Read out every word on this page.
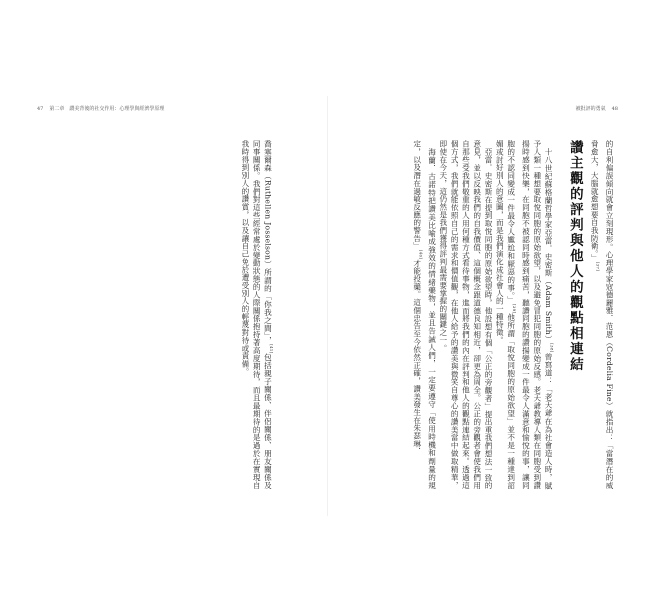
47 第二章　讚美背後的社交作用：心理學與經濟學原理	被批評的勇氣 48

的自利偏誤傾向就會立刻現形。心理學家寇德麗雅．范恩（Cordelia Fine）就指出：「當潛在的威脅愈大，大腦就愈想要自我防衛。」[37]

讚主觀的評判與他人的觀點相連結

十八世紀蘇格蘭哲學家亞當．史密斯（Adam Smith）[38]曾寫道：「老天爺在為社會造人時，賦予人類一種想要取悅同胞的原始欲望，以及避免冒犯同胞的原始反感。老天爺教導人類在同胞受到讚揚時感到快樂，在同胞不被認同時感到痛苦，聽讚同胞的讚揚變成一件最令人滿意和愉悅的事，讓同胞的不認同變成一件最令人尷尬和厭惡的事。」[39]他所謂「取悅同胞的原始欲望」並不是一種達到詔媚或討好別人的意圖，而是我們演化成社會人的一種特徵。

亞當．史密斯在提到取悅同胞的原始欲望時，他設想有個「公正的旁觀者」提出重我們想法一致的意見，並以反映我們的自我價值、這個概念跟道德良知相近，卻更為周全。公正的旁觀者會使我們用自那些受我們敬重的人用何種方式看待事物，進而將我們的內在評判和他人的觀點連結起來。透過這個方式，我們就能依照自己的需求和價值觀，在他人給予的讚美與微笑自尊心的讚美當中做取精華，即使在今天，這仍然是我們獲得評判最需要掌握的關鍵之一。

海蘭．古諾特把讚美比喻成強效的情緒藥物，並且告誡人們，一定要遵守「使用時機和劑量的規定，以及潛在過敏反應的警告」[40]才能投藥。這個忠告至今依然正確，讚美發生在朱瑟琳．

喬塞爾森（Ruthellen Josselson）所謂的「你我之間」，[41]包括親子關係、伴侶關係、朋友關係及同事關係。我們對這些經常處於變動狀態的人際關係抱持著高度期待，而且最期待的是過於在實現自我時得到別人的讚賞，以及讓自己免於遭受別人的輕蔑對待或責備。
